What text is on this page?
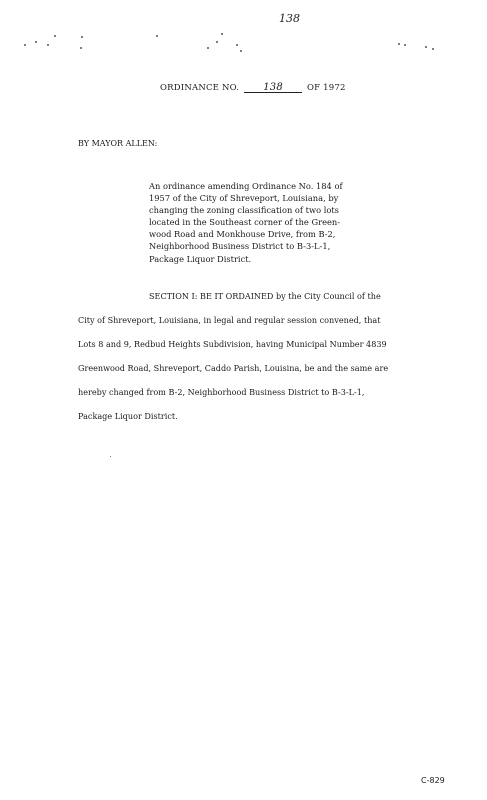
138
ORDINANCE NO. 138	OF 1972
BY MAYOR ALLEN:
An ordinance amending Ordinance No. 184 of
1957 of the City of Shreveport, Louisiana, by
changing the zoning classification of two lots
located in the Southeast corner of the Green-
wood Road and Monkhouse Drive, from B-2,
Neighborhood Business District to B-3-L-1,
Package Liquor District.
SECTION I: BE IT ORDAINED by the City Council of the
City of Shreveport, Louisiana, in legal and regular session convened, that
Lots 8 and 9, Redbud Heights Subdivision, having Municipal Number 4839
Greenwood Road, Shreveport, Caddo Parish, Louisina, be and the same are
hereby changed from B-2, Neighborhood Business District to B-3-L-1,
Package Liquor District.
C-829
